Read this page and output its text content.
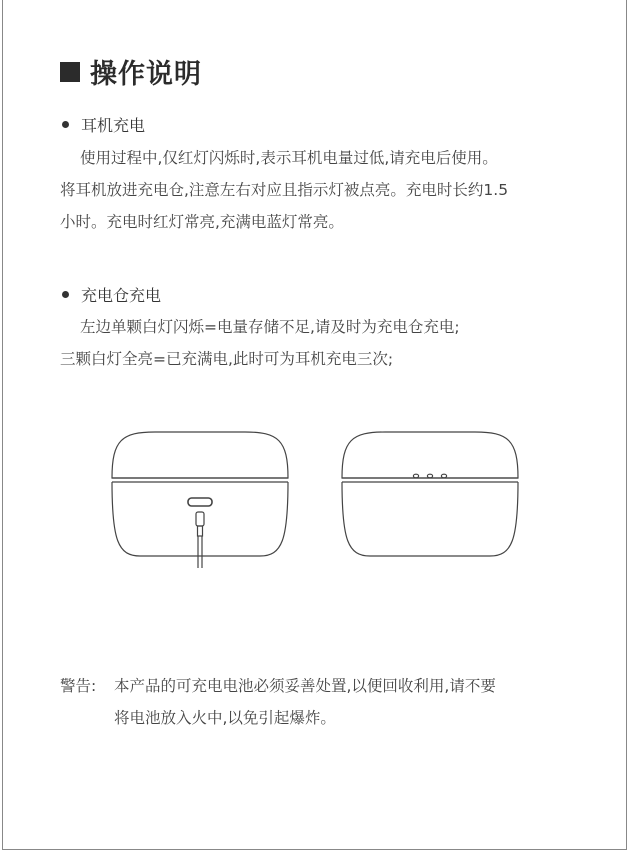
操作说明
耳机充电

使用过程中,仅红灯闪烁时,表示耳机电量过低,请充电后使用。

将耳机放进充电仓,注意左右对应且指示灯被点亮。充电时长约1.5

小时。充电时红灯常亮,充满电蓝灯常亮。

充电仓充电

左边单颗白灯闪烁=电量存储不足,请及时为充电仓充电;

三颗白灯全亮=已充满电,此时可为耳机充电三次;

警告:	本产品的可充电电池必须妥善处置,以便回收利用,请不要
将电池放入火中,以免引起爆炸。
